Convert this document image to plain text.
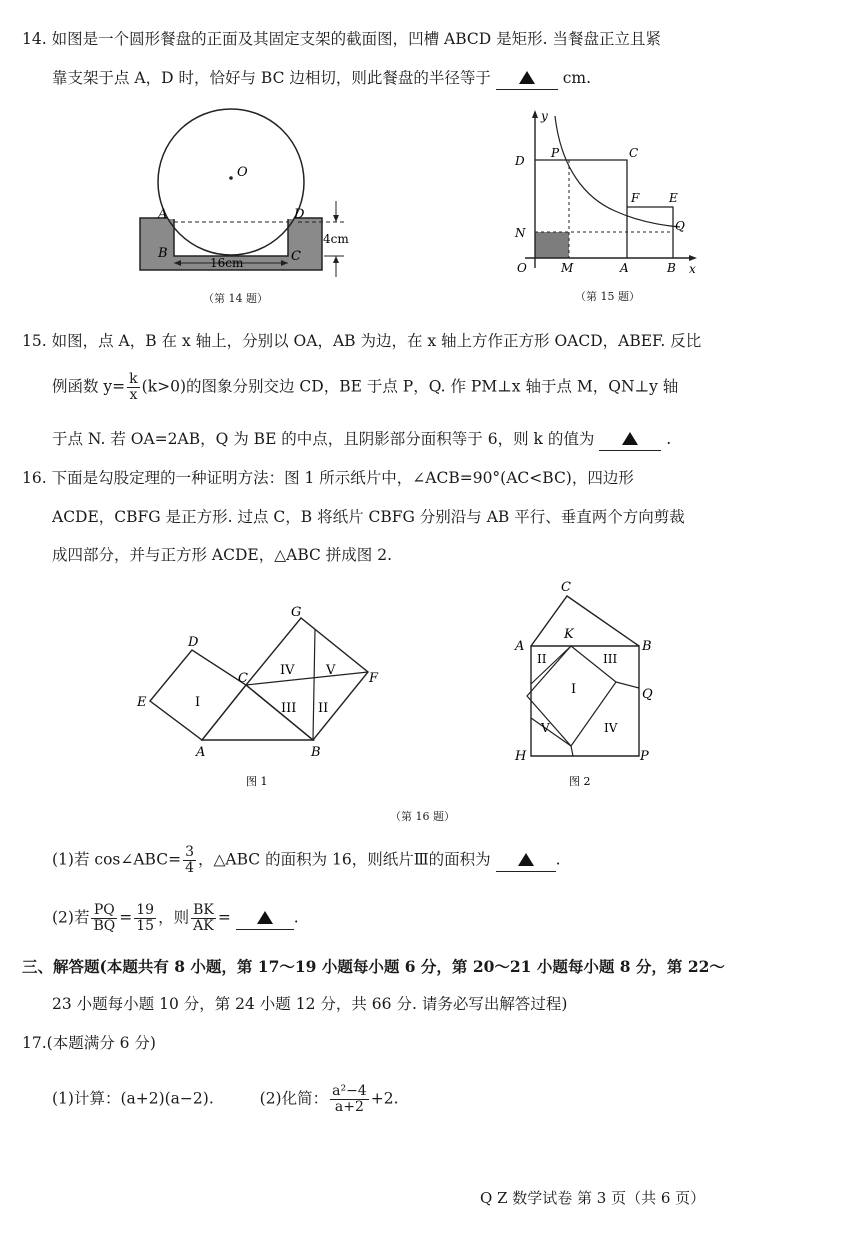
14. 如图是一个圆形餐盘的正面及其固定支架的截面图，凹槽 ABCD 是矩形. 当餐盘正立且紧
靠支架于点 A，D 时，恰好与 BC 边相切，则此餐盘的半径等于	cm.
O
A	D
B	C
16cm
4cm
（第 14 题）
y
x
O
D
P	C
F E
N	Q
M	A	B
（第 15 题）
15. 如图，点 A，B 在 x 轴上，分别以 OA，AB 为边，在 x 轴上方作正方形 OACD，ABEF. 反比
例函数 $y= \frac{k}{x} (k>0)$的图象分别交边 CD，BE 于点 P，Q. 作 PM⊥x 轴于点 M，QN⊥y 轴
于点 N. 若 OA=2AB，Q 为 BE 的中点，且阴影部分面积等于 6，则 k 的值为	.
16. 下面是勾股定理的一种证明方法：图 1 所示纸片中，∠ACB=90°(AC<BC)，四边形
ACDE，CBFG 是正方形. 过点 C，B 将纸片 CBFG 分别沿与 AB 平行、垂直两个方向剪裁
成四部分，并与正方形 ACDE，△ABC 拼成图 2.
D
G
E
C	F
A	B
I
IV V
III II
图 1
C
A
K
B
Q
H	P
II	III
I
V	IV
图 2
（第 16 题）
(1)若 cos∠ABC= $\frac{3}{4}$ ，△ABC 的面积为 16，则纸片Ⅲ的面积为	.
(2)若 $\frac{PQ}{BQ} = \frac{19}{15}$ ，则 $\frac{BK}{AK}$ =	.
三、解答题(本题共有 8 小题，第 17～19 小题每小题 6 分，第 20～21 小题每小题 8 分，第 22～
23 小题每小题 10 分，第 24 小题 12 分，共 66 分. 请务必写出解答过程)
17.(本题满分 6 分)
(1)计算：(a+2)(a−2).	(2)化简： $\frac{\text{a²−4}}{a+2} +2$.
Q Z 数学试卷 第 3 页（共 6 页）
